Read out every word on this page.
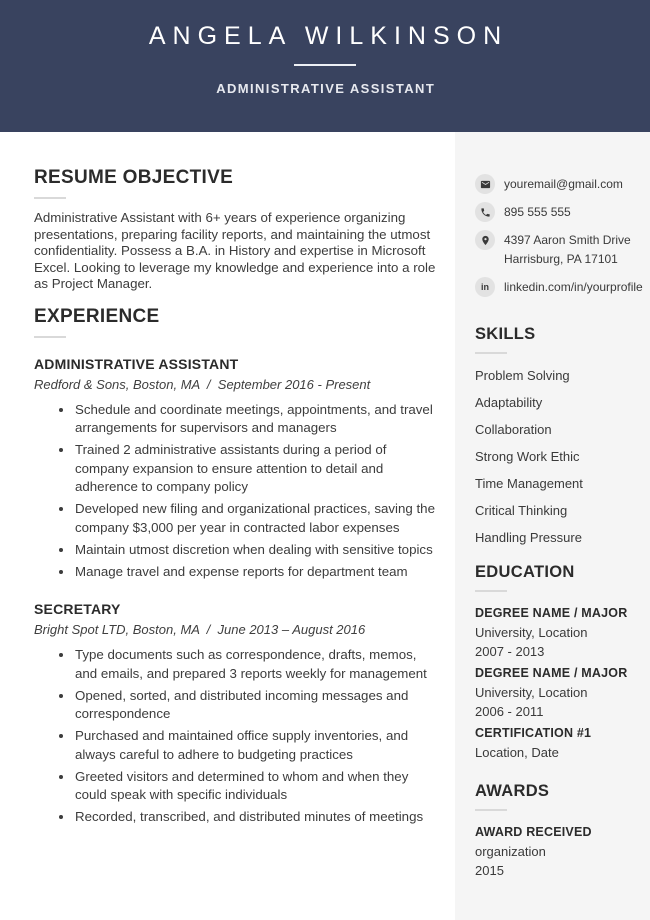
ANGELA WILKINSON
ADMINISTRATIVE ASSISTANT
RESUME OBJECTIVE

Administrative Assistant with 6+ years of experience organizing presentations, preparing facility reports, and maintaining the utmost confidentiality. Possess a B.A. in History and expertise in Microsoft Excel. Looking to leverage my knowledge and experience into a role as Project Manager.

EXPERIENCE
ADMINISTRATIVE ASSISTANT
Redford & Sons, Boston, MA  /  September 2016 - Present
• Schedule and coordinate meetings, appointments, and travel arrangements for supervisors and managers
• Trained 2 administrative assistants during a period of company expansion to ensure attention to detail and adherence to company policy
• Developed new filing and organizational practices, saving the company $3,000 per year in contracted labor expenses
• Maintain utmost discretion when dealing with sensitive topics
• Manage travel and expense reports for department team
SECRETARY
Bright Spot LTD, Boston, MA  /  June 2013 – August 2016
• Type documents such as correspondence, drafts, memos, and emails, and prepared 3 reports weekly for management
• Opened, sorted, and distributed incoming messages and correspondence
• Purchased and maintained office supply inventories, and always careful to adhere to budgeting practices
• Greeted visitors and determined to whom and when they could speak with specific individuals
• Recorded, transcribed, and distributed minutes of meetings
youremail@gmail.com
895 555 555
4397 Aaron Smith Drive
Harrisburg, PA 17101
in linkedin.com/in/yourprofile
SKILLS
Problem Solving
Adaptability
Collaboration
Strong Work Ethic
Time Management
Critical Thinking
Handling Pressure
EDUCATION
DEGREE NAME / MAJOR
University, Location
2007 - 2013
DEGREE NAME / MAJOR
University, Location
2006 - 2011
CERTIFICATION #1
Location, Date
AWARDS
AWARD RECEIVED
organization
2015
